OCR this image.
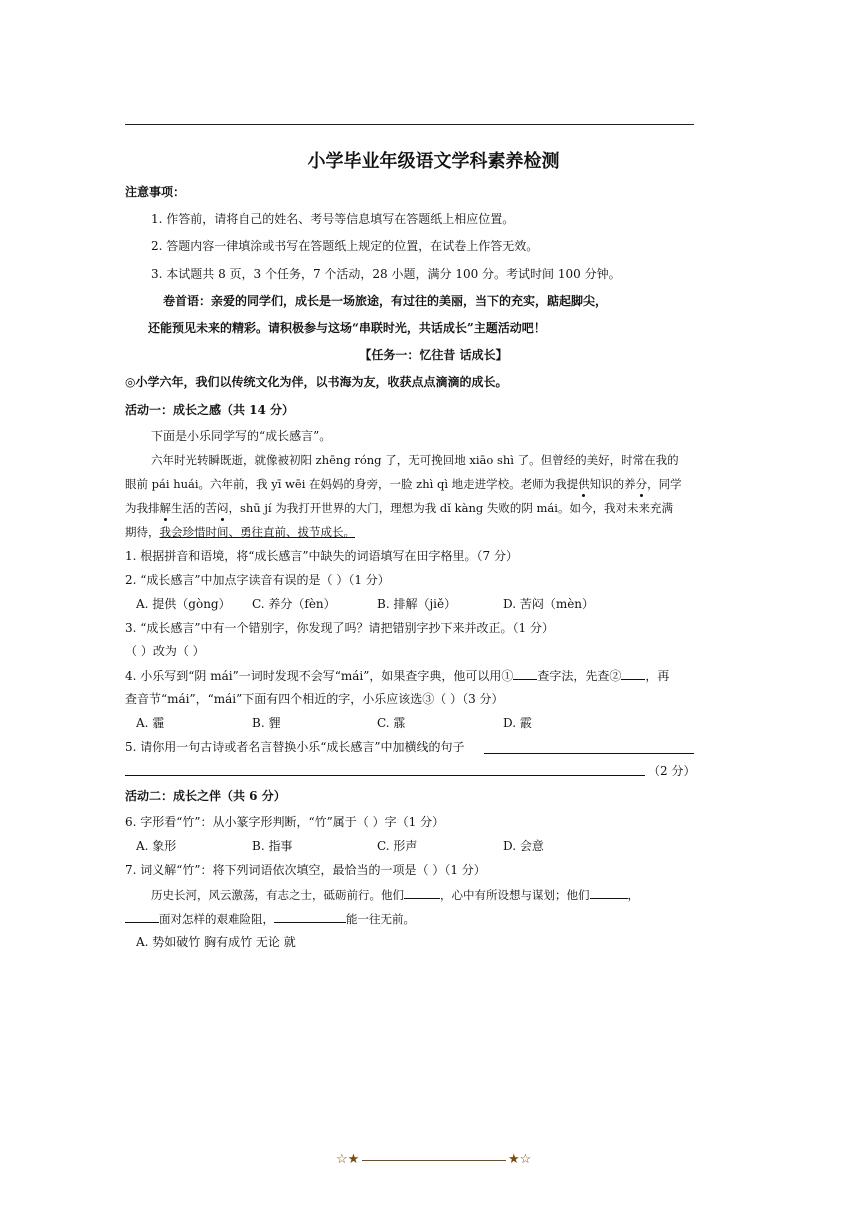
小学毕业年级语文学科素养检测
注意事项：
1. 作答前，请将自己的姓名、考号等信息填写在答题纸上相应位置。
2. 答题内容一律填涂或书写在答题纸上规定的位置，在试卷上作答无效。
3. 本试题共 8 页，3 个任务，7 个活动，28 小题，满分 100 分。考试时间 100 分钟。
卷首语：亲爱的同学们，成长是一场旅途，有过往的美丽，当下的充实，踮起脚尖，
还能预见未来的精彩。请积极参与这场“串联时光，共话成长”主题活动吧！
【任务一：忆往昔 话成长】
◎小学六年，我们以传统文化为伴，以书海为友，收获点点滴滴的成长。
活动一：成长之感（共 14 分）
下面是小乐同学写的“成长感言”。
六年时光转瞬既逝，就像被初阳 zhēng róng 了，无可挽回地 xiāo shì 了。但曾经的美好，时常在我的
眼前 pái huái。六年前，我 yī wēi 在妈妈的身旁，一脸 zhì qì 地走进学校。老师为我提供知识的养分，同学
为我排解生活的苦闷，shū jí 为我打开世界的大门，理想为我 dǐ kàng 失败的阴 mái。如今，我对未来充满
期待，我会珍惜时间、勇往直前、拔节成长。
1. 根据拼音和语境，将“成长感言”中缺失的词语填写在田字格里。（7 分）
2. “成长感言”中加点字读音有误的是（ ）（1 分）
A. 提供（gòng） C. 养分（fèn）	B. 排解（jiě）	D. 苦闷（mèn）
3. “成长感言”中有一个错别字，你发现了吗？请把错别字抄下来并改正。（1 分）
（ ）改为（ ）
4. 小乐写到“阴 mái”一词时发现不会写“mái”，如果查字典，他可以用① 查字法，先查② ，再
查音节“mái”，“mái”下面有四个相近的字，小乐应该选③（ ）（3 分）
A. 霾	B. 貍	C. 霡	D. 霰
5. 请你用一句古诗或者名言替换小乐“成长感言”中加横线的句子
（2 分）
活动二：成长之伴（共 6 分）
6. 字形看“竹”：从小篆字形判断，“竹”属于（ ）字（1 分）
A. 象形	B. 指事	C. 形声	D. 会意
7. 词义解“竹”：将下列词语依次填空，最恰当的一项是（ ）（1 分）
历史长河，风云激荡，有志之士，砥砺前行。他们	，心中有所设想与谋划；他们	，
面对怎样的艰难险阻，	能一往无前。
A. 势如破竹 胸有成竹 无论 就
☆★	★☆
